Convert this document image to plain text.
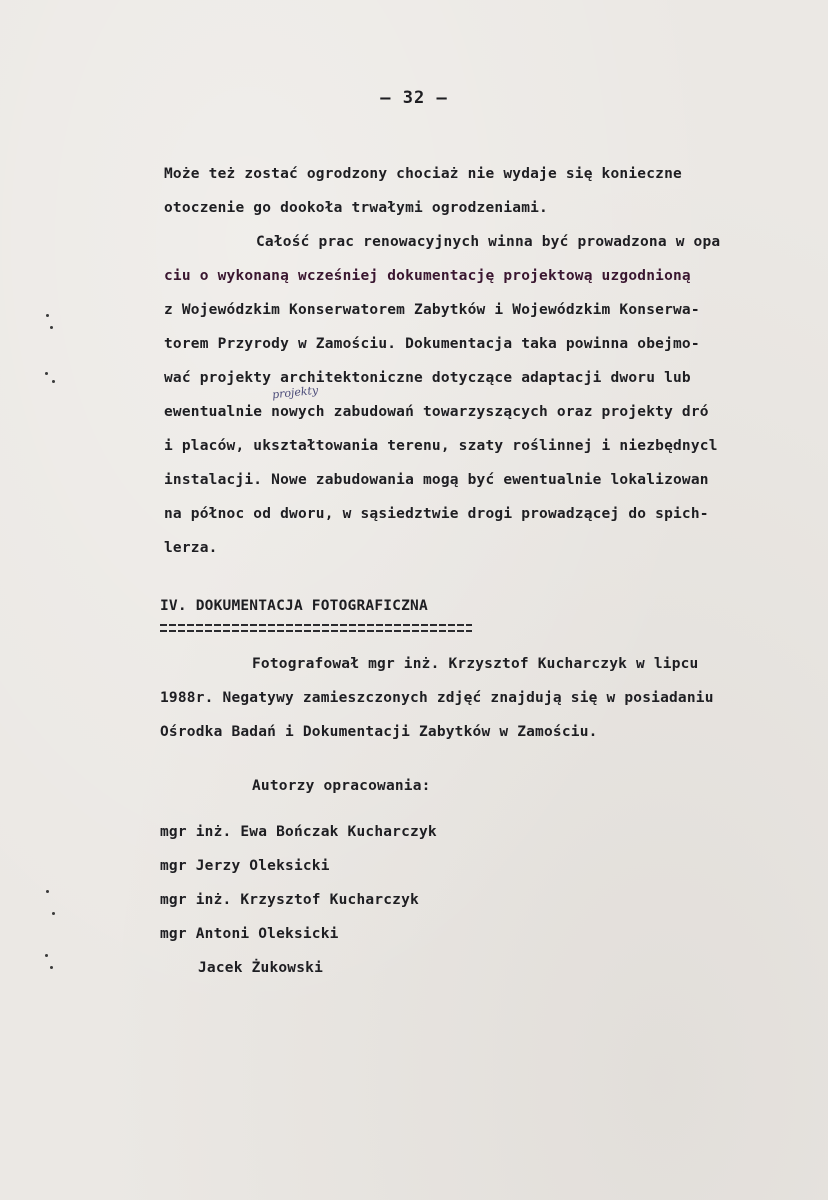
– 32 –
Może też zostać ogrodzony chociaż nie wydaje się konieczne
otoczenie go dookoła trwałymi ogrodzeniami.
Całość prac renowacyjnych winna być prowadzona w opa
ciu o wykonaną wcześniej dokumentację projektową uzgodnioną
z Wojewódzkim Konserwatorem Zabytków i Wojewódzkim Konserwa-
torem Przyrody w Zamościu. Dokumentacja taka powinna obejmo-
wać projekty architektoniczne dotyczące adaptacji dworu lub
projekty
ewentualnie nowych zabudowań towarzyszących oraz projekty dró
i placów, ukształtowania terenu, szaty roślinnej i niezbędnycl
instalacji. Nowe zabudowania mogą być ewentualnie lokalizowan
na północ od dworu, w sąsiedztwie drogi prowadzącej do spich-
lerza.
IV. DOKUMENTACJA FOTOGRAFICZNA
Fotografował mgr inż. Krzysztof Kucharczyk w lipcu
1988r. Negatywy zamieszczonych zdjęć znajdują się w posiadaniu
Ośrodka Badań i Dokumentacji Zabytków w Zamościu.
Autorzy opracowania:
mgr inż. Ewa Bończak Kucharczyk
mgr Jerzy Oleksicki
mgr inż. Krzysztof Kucharczyk
mgr Antoni Oleksicki
Jacek Żukowski
